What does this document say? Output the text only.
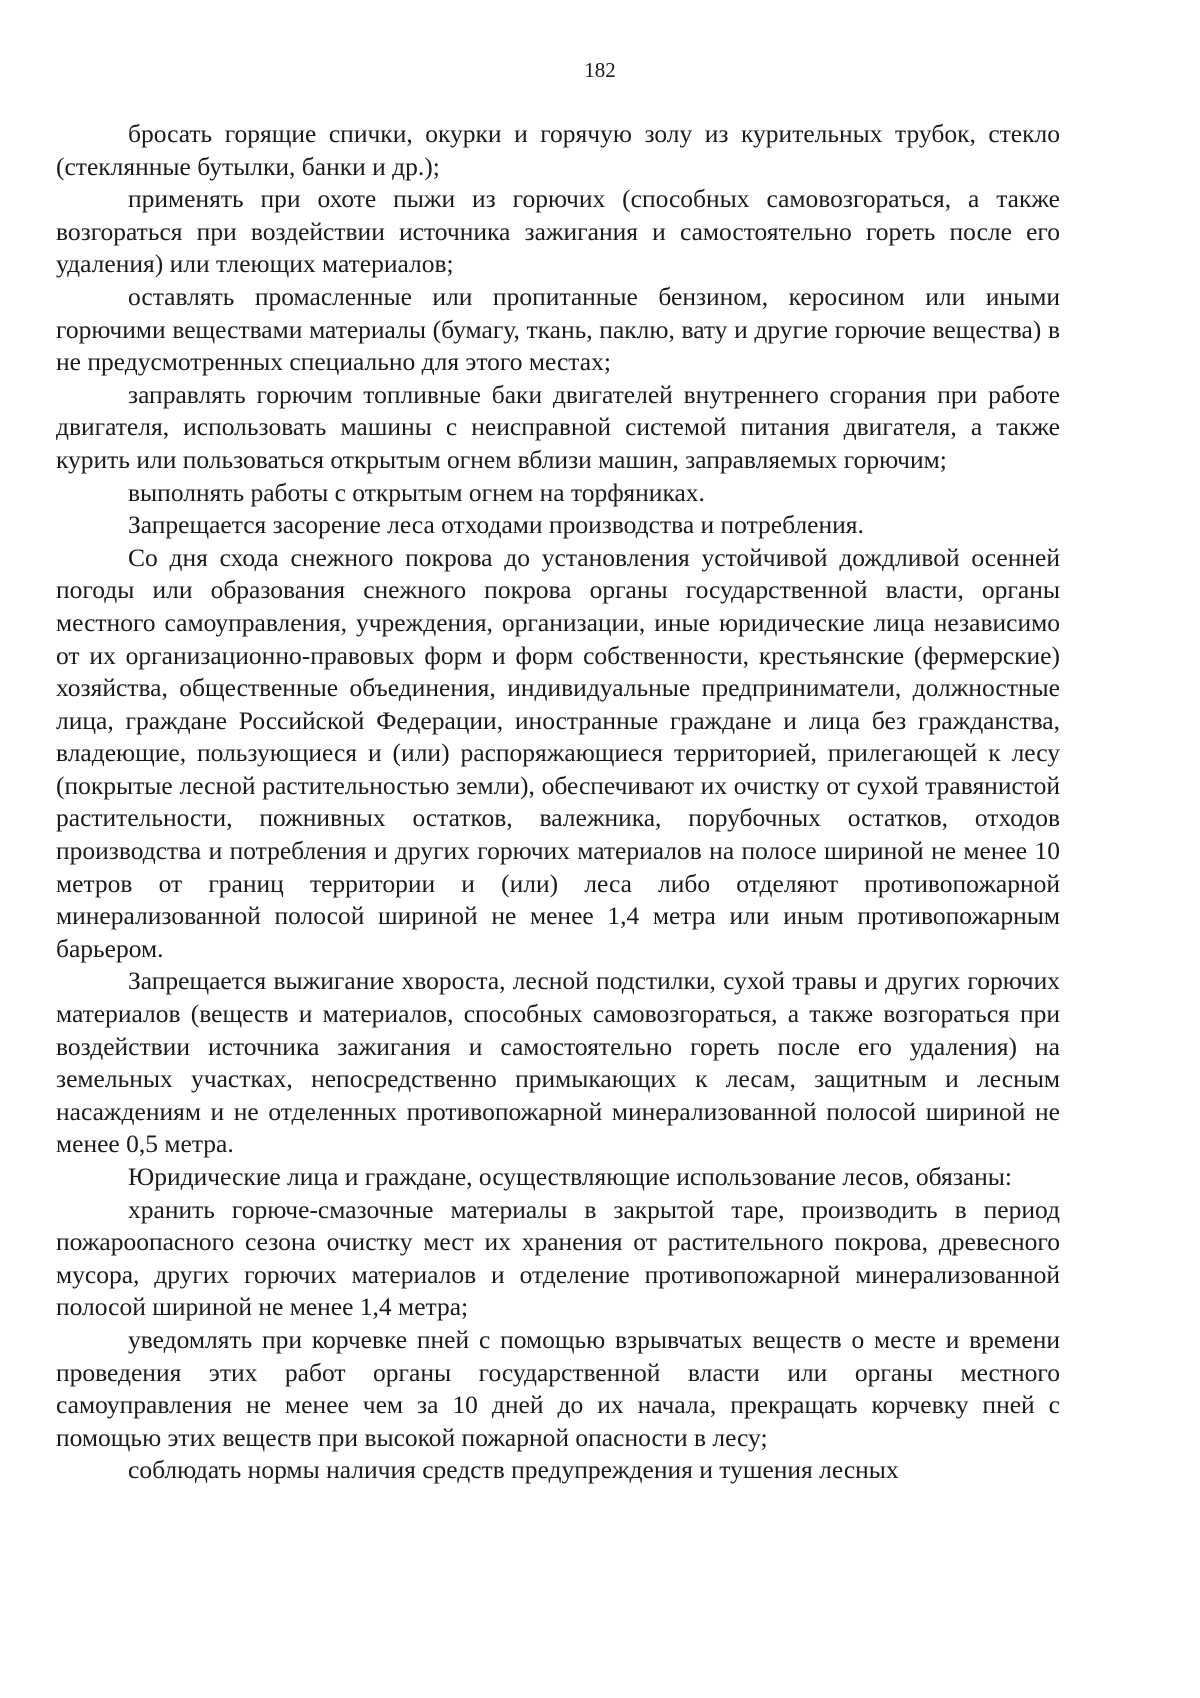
182

бросать горящие спички, окурки и горячую золу из курительных трубок, стекло (стеклянные бутылки, банки и др.);

применять при охоте пыжи из горючих (способных самовозгораться, а также возгораться при воздействии источника зажигания и самостоятельно гореть после его удаления) или тлеющих материалов;

оставлять промасленные или пропитанные бензином, керосином или иными горючими веществами материалы (бумагу, ткань, паклю, вату и другие горючие вещества) в не предусмотренных специально для этого местах;

заправлять горючим топливные баки двигателей внутреннего сгорания при работе двигателя, использовать машины с неисправной системой питания двигателя, а также курить или пользоваться открытым огнем вблизи машин, заправляемых горючим;

выполнять работы с открытым огнем на торфяниках.

Запрещается засорение леса отходами производства и потребления.

Со дня схода снежного покрова до установления устойчивой дождливой осенней погоды или образования снежного покрова органы государственной власти, органы местного самоуправления, учреждения, организации, иные юридические лица независимо от их организационно-правовых форм и форм собственности, крестьянские (фермерские) хозяйства, общественные объединения, индивидуальные предприниматели, должностные лица, граждане Российской Федерации, иностранные граждане и лица без гражданства, владеющие, пользующиеся и (или) распоряжающиеся территорией, прилегающей к лесу (покрытые лесной растительностью земли), обеспечивают их очистку от сухой травянистой растительности, пожнивных остатков, валежника, порубочных остатков, отходов производства и потребления и других горючих материалов на полосе шириной не менее 10 метров от границ территории и (или) леса либо отделяют противопожарной минерализованной полосой шириной не менее 1,4 метра или иным противопожарным барьером.

Запрещается выжигание хвороста, лесной подстилки, сухой травы и других горючих материалов (веществ и материалов, способных самовозгораться, а также возгораться при воздействии источника зажигания и самостоятельно гореть после его удаления) на земельных участках, непосредственно примыкающих к лесам, защитным и лесным насаждениям и не отделенных противопожарной минерализованной полосой шириной не менее 0,5 метра.

Юридические лица и граждане, осуществляющие использование лесов, обязаны:

хранить горюче-смазочные материалы в закрытой таре, производить в период пожароопасного сезона очистку мест их хранения от растительного покрова, древесного мусора, других горючих материалов и отделение противопожарной минерализованной полосой шириной не менее 1,4 метра;

уведомлять при корчевке пней с помощью взрывчатых веществ о месте и времени проведения этих работ органы государственной власти или органы местного самоуправления не менее чем за 10 дней до их начала, прекращать корчевку пней с помощью этих веществ при высокой пожарной опасности в лесу;

соблюдать нормы наличия средств предупреждения и тушения лесных
